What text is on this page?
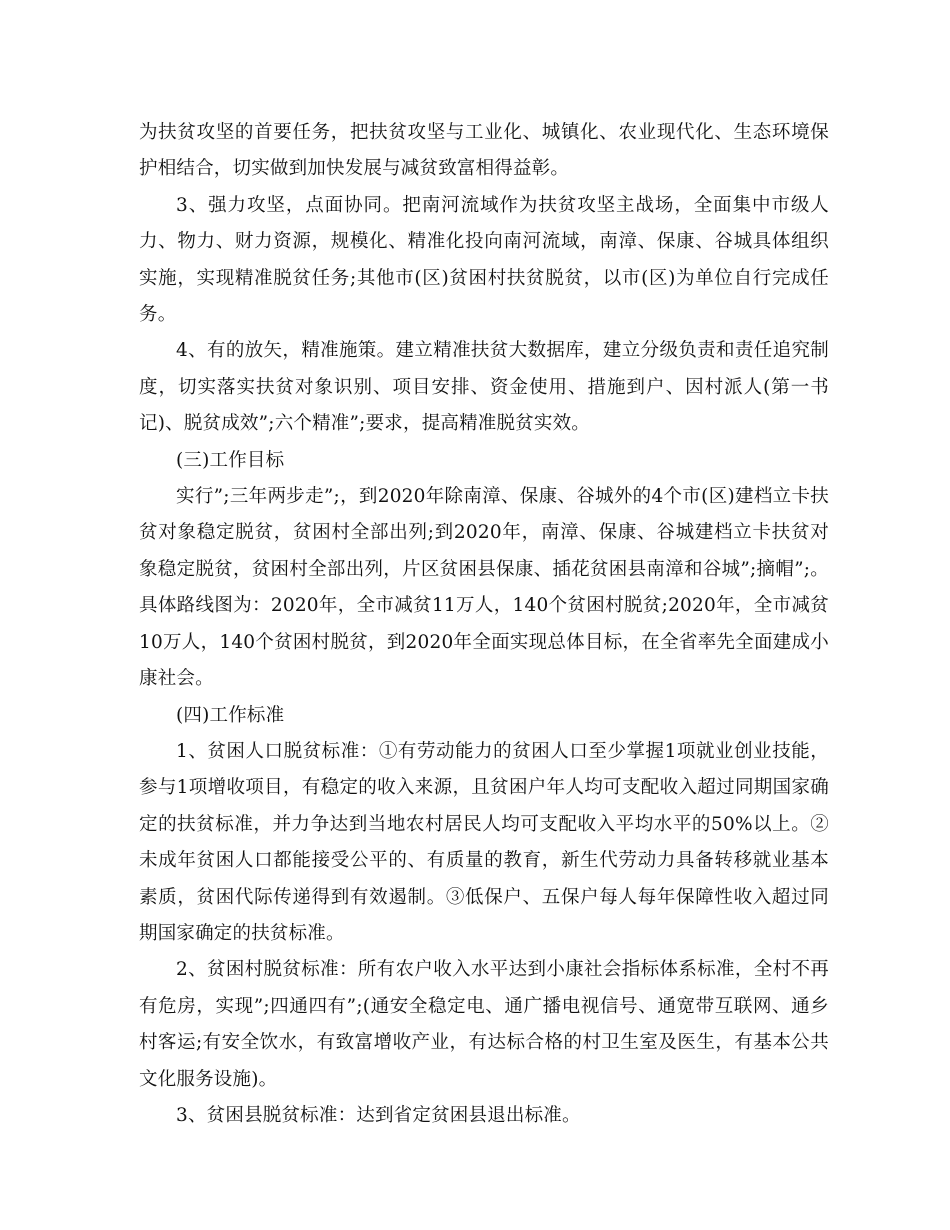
为扶贫攻坚的首要任务，把扶贫攻坚与工业化、城镇化、农业现代化、生态环境保护相结合，切实做到加快发展与减贫致富相得益彰。

3、强力攻坚，点面协同。把南河流域作为扶贫攻坚主战场，全面集中市级人力、物力、财力资源，规模化、精准化投向南河流域，南漳、保康、谷城具体组织实施，实现精准脱贫任务;其他市(区)贫困村扶贫脱贫，以市(区)为单位自行完成任务。

4、有的放矢，精准施策。建立精准扶贫大数据库，建立分级负责和责任追究制度，切实落实扶贫对象识别、项目安排、资金使用、措施到户、因村派人(第一书记)、脱贫成效”;六个精准”;要求，提高精准脱贫实效。

(三)工作目标

实行”;三年两步走”;，到2020年除南漳、保康、谷城外的4个市(区)建档立卡扶贫对象稳定脱贫，贫困村全部出列;到2020年，南漳、保康、谷城建档立卡扶贫对象稳定脱贫，贫困村全部出列，片区贫困县保康、插花贫困县南漳和谷城”;摘帽”;。具体路线图为：2020年，全市减贫11万人，140个贫困村脱贫;2020年，全市减贫10万人，140个贫困村脱贫，到2020年全面实现总体目标，在全省率先全面建成小康社会。

(四)工作标准

1、贫困人口脱贫标准：①有劳动能力的贫困人口至少掌握1项就业创业技能，参与1项增收项目，有稳定的收入来源，且贫困户年人均可支配收入超过同期国家确定的扶贫标准，并力争达到当地农村居民人均可支配收入平均水平的50%以上。②未成年贫困人口都能接受公平的、有质量的教育，新生代劳动力具备转移就业基本素质，贫困代际传递得到有效遏制。③低保户、五保户每人每年保障性收入超过同期国家确定的扶贫标准。

2、贫困村脱贫标准：所有农户收入水平达到小康社会指标体系标准，全村不再有危房，实现”;四通四有”;(通安全稳定电、通广播电视信号、通宽带互联网、通乡村客运;有安全饮水，有致富增收产业，有达标合格的村卫生室及医生，有基本公共文化服务设施)。

3、贫困县脱贫标准：达到省定贫困县退出标准。
